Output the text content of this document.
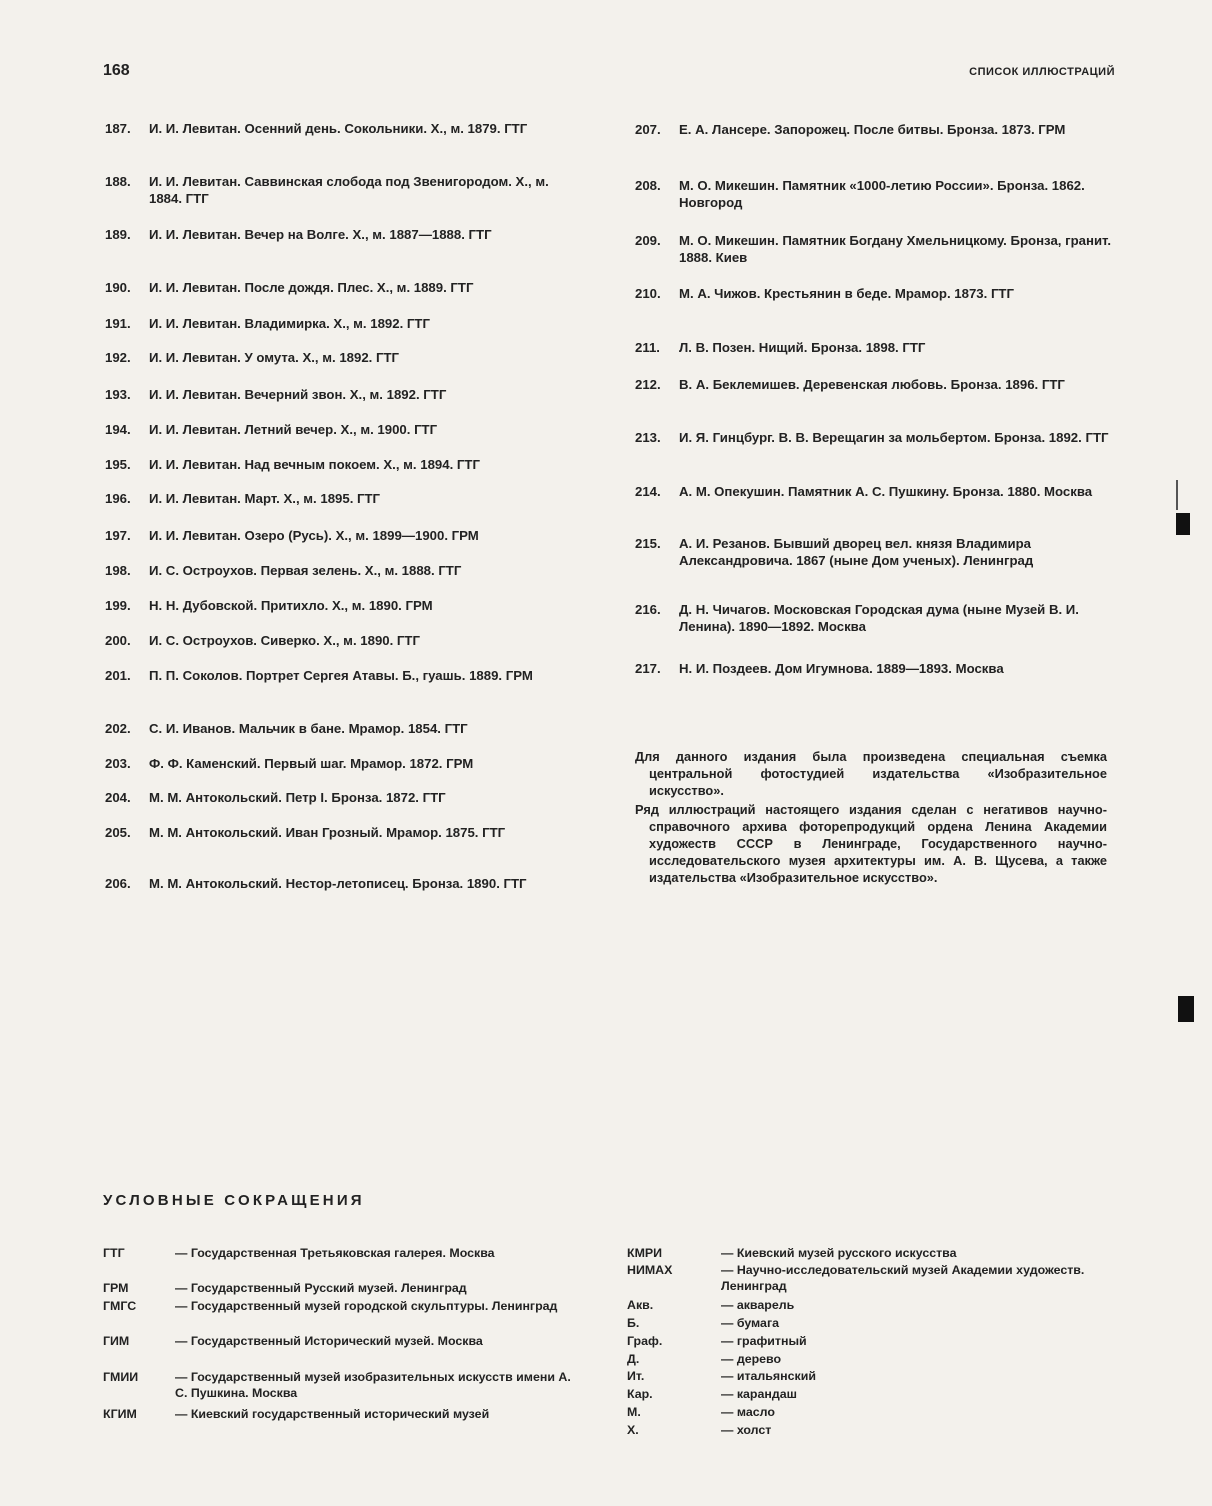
168	СПИСОК ИЛЛЮСТРАЦИЙ
187.	И. И. Левитан. Осенний день. Сокольники. Х., м. 1879. ГТГ
188.	И. И. Левитан. Саввинская слобода под Звенигородом. Х., м. 1884. ГТГ
189.	И. И. Левитан. Вечер на Волге. Х., м. 1887—1888. ГТГ
190.	И. И. Левитан. После дождя. Плес. Х., м. 1889. ГТГ
191.	И. И. Левитан. Владимирка. Х., м. 1892. ГТГ
192.	И. И. Левитан. У омута. Х., м. 1892. ГТГ
193.	И. И. Левитан. Вечерний звон. Х., м. 1892. ГТГ
194.	И. И. Левитан. Летний вечер. Х., м. 1900. ГТГ
195.	И. И. Левитан. Над вечным покоем. Х., м. 1894. ГТГ
196.	И. И. Левитан. Март. Х., м. 1895. ГТГ
197.	И. И. Левитан. Озеро (Русь). Х., м. 1899—1900. ГРМ
198.	И. С. Остроухов. Первая зелень. Х., м. 1888. ГТГ
199.	Н. Н. Дубовской. Притихло. Х., м. 1890. ГРМ
200.	И. С. Остроухов. Сиверко. Х., м. 1890. ГТГ
201.	П. П. Соколов. Портрет Сергея Атавы. Б., гуашь. 1889. ГРМ
202.	С. И. Иванов. Мальчик в бане. Мрамор. 1854. ГТГ
203.	Ф. Ф. Каменский. Первый шаг. Мрамор. 1872. ГРМ
204.	М. М. Антокольский. Петр I. Бронза. 1872. ГТГ
205.	М. М. Антокольский. Иван Грозный. Мрамор. 1875. ГТГ
206.	М. М. Антокольский. Нестор-летописец. Бронза. 1890. ГТГ
207.	Е. А. Лансере. Запорожец. После битвы. Бронза. 1873. ГРМ
208.	М. О. Микешин. Памятник «1000-летию России». Бронза. 1862. Новгород
209.	М. О. Микешин. Памятник Богдану Хмельницкому. Бронза, гранит. 1888. Киев
210.	М. А. Чижов. Крестьянин в беде. Мрамор. 1873. ГТГ
211.	Л. В. Позен. Нищий. Бронза. 1898. ГТГ
212.	В. А. Беклемишев. Деревенская любовь. Бронза. 1896. ГТГ
213.	И. Я. Гинцбург. В. В. Верещагин за мольбертом. Бронза. 1892. ГТГ
214.	А. М. Опекушин. Памятник А. С. Пушкину. Бронза. 1880. Москва
215.	А. И. Резанов. Бывший дворец вел. князя Владимира Александровича. 1867 (ныне Дом ученых). Ленинград
216.	Д. Н. Чичагов. Московская Городская дума (ныне Музей В. И. Ленина). 1890—1892. Москва
217.	Н. И. Поздеев. Дом Игумнова. 1889—1893. Москва

Для данного издания была произведена специальная съемка центральной фотостудией издательства «Изобразительное искусство».

Ряд иллюстраций настоящего издания сделан с негативов научно-справочного архива фоторепродукций ордена Ленина Академии художеств СССР в Ленинграде, Государственного научно-исследовательского музея архитектуры им. А. В. Щусева, а также издательства «Изобразительное искусство».

УСЛОВНЫЕ СОКРАЩЕНИЯ
ГТГ	— Государственная Третьяковская галерея. Москва
ГРМ	— Государственный Русский музей. Ленинград
ГМГС	— Государственный музей городской скульптуры. Ленинград
ГИМ	— Государственный Исторический музей. Москва
ГМИИ	— Государственный музей изобразительных искусств имени А. С. Пушкина. Москва
КГИМ	— Киевский государственный исторический музей
КМРИ	— Киевский музей русского искусства
НИМАХ	— Научно-исследовательский музей Академии художеств. Ленинград
Акв.	— акварель
Б.	— бумага
Граф.	— графитный
Д.	— дерево
Ит.	— итальянский
Кар.	— карандаш
М.	— масло
Х.	— холст
